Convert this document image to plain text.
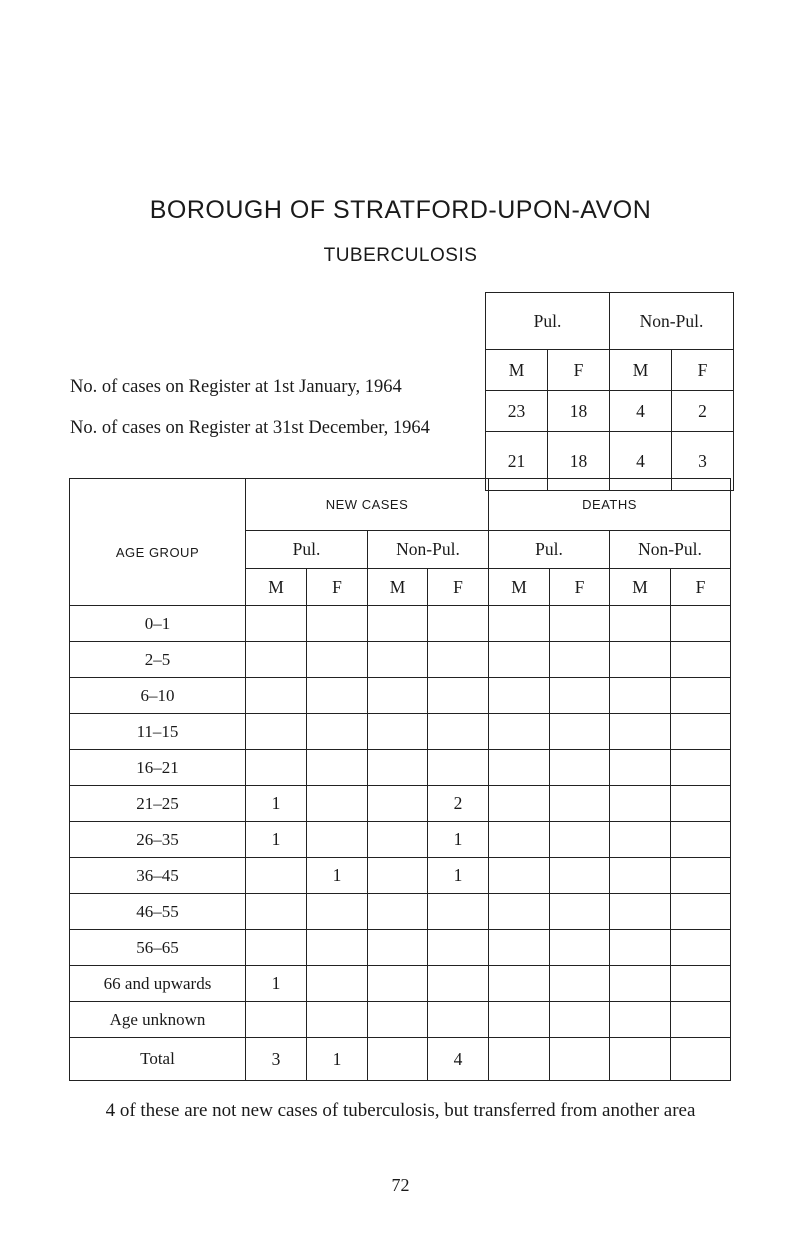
BOROUGH OF STRATFORD-UPON-AVON
TUBERCULOSIS
No. of cases on Register at 1st January, 1964
No. of cases on Register at 31st December, 1964
Pul.		Non-Pul.	
M	F	M	F
23	18	4	2
21	18	4	3
AGE GROUP	NEW CASES				DEATHS			
	Pul.		Non-Pul.		Pul.		Non-Pul.	
	M	F	M	F	M	F	M	F
0–1								
2–5								
6–10								
11–15								
16–21								
21–25	1			2				
26–35	1			1				
36–45		1		1				
46–55								
56–65								
66 and upwards	1							
Age unknown								
Total	3	1		4				
4 of these are not new cases of tuberculosis, but transferred from another area
72
